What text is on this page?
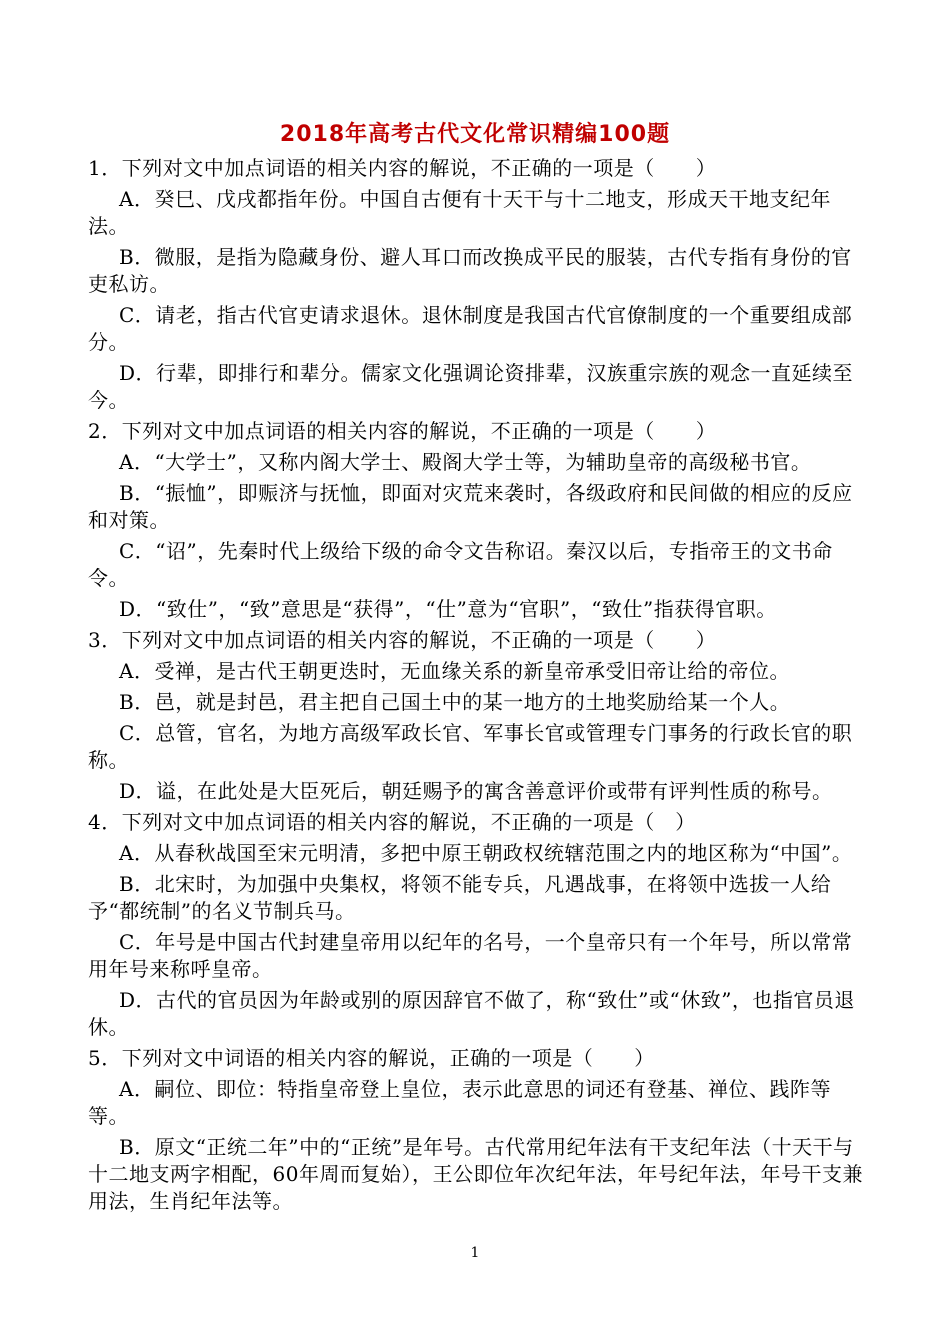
2018年高考古代文化常识精编100题

1．下列对文中加点词语的相关内容的解说，不正确的一项是（　　）

A．癸巳、戊戌都指年份。中国自古便有十天干与十二地支，形成天干地支纪年法。

B．微服，是指为隐藏身份、避人耳口而改换成平民的服装，古代专指有身份的官吏私访。

C．请老，指古代官吏请求退休。退休制度是我国古代官僚制度的一个重要组成部分。

D．行辈，即排行和辈分。儒家文化强调论资排辈，汉族重宗族的观念一直延续至今。

2．下列对文中加点词语的相关内容的解说，不正确的一项是（　　）

A．“大学士”，又称内阁大学士、殿阁大学士等，为辅助皇帝的高级秘书官。

B．“振恤”，即赈济与抚恤，即面对灾荒来袭时，各级政府和民间做的相应的反应和对策。

C．“诏”，先秦时代上级给下级的命令文告称诏。秦汉以后，专指帝王的文书命令。

D．“致仕”，“致”意思是“获得”，“仕”意为“官职”，“致仕”指获得官职。

3．下列对文中加点词语的相关内容的解说，不正确的一项是（　　）

A．受禅，是古代王朝更迭时，无血缘关系的新皇帝承受旧帝让给的帝位。

B．邑，就是封邑，君主把自己国土中的某一地方的土地奖励给某一个人。

C．总管，官名，为地方高级军政长官、军事长官或管理专门事务的行政长官的职称。

D．谥，在此处是大臣死后，朝廷赐予的寓含善意评价或带有评判性质的称号。

4．下列对文中加点词语的相关内容的解说，不正确的一项是（　）

A．从春秋战国至宋元明清，多把中原王朝政权统辖范围之内的地区称为“中国”。

B．北宋时，为加强中央集权，将领不能专兵，凡遇战事，在将领中选拔一人给予“都统制”的名义节制兵马。

C．年号是中国古代封建皇帝用以纪年的名号，一个皇帝只有一个年号，所以常常用年号来称呼皇帝。

D．古代的官员因为年龄或别的原因辞官不做了，称“致仕”或“休致”，也指官员退休。

5．下列对文中词语的相关内容的解说，正确的一项是（　　）

A．嗣位、即位：特指皇帝登上皇位，表示此意思的词还有登基、禅位、践阼等等。

B．原文“正统二年”中的“正统”是年号。古代常用纪年法有干支纪年法（十天干与十二地支两字相配，60年周而复始），王公即位年次纪年法，年号纪年法，年号干支兼用法，生肖纪年法等。

1
